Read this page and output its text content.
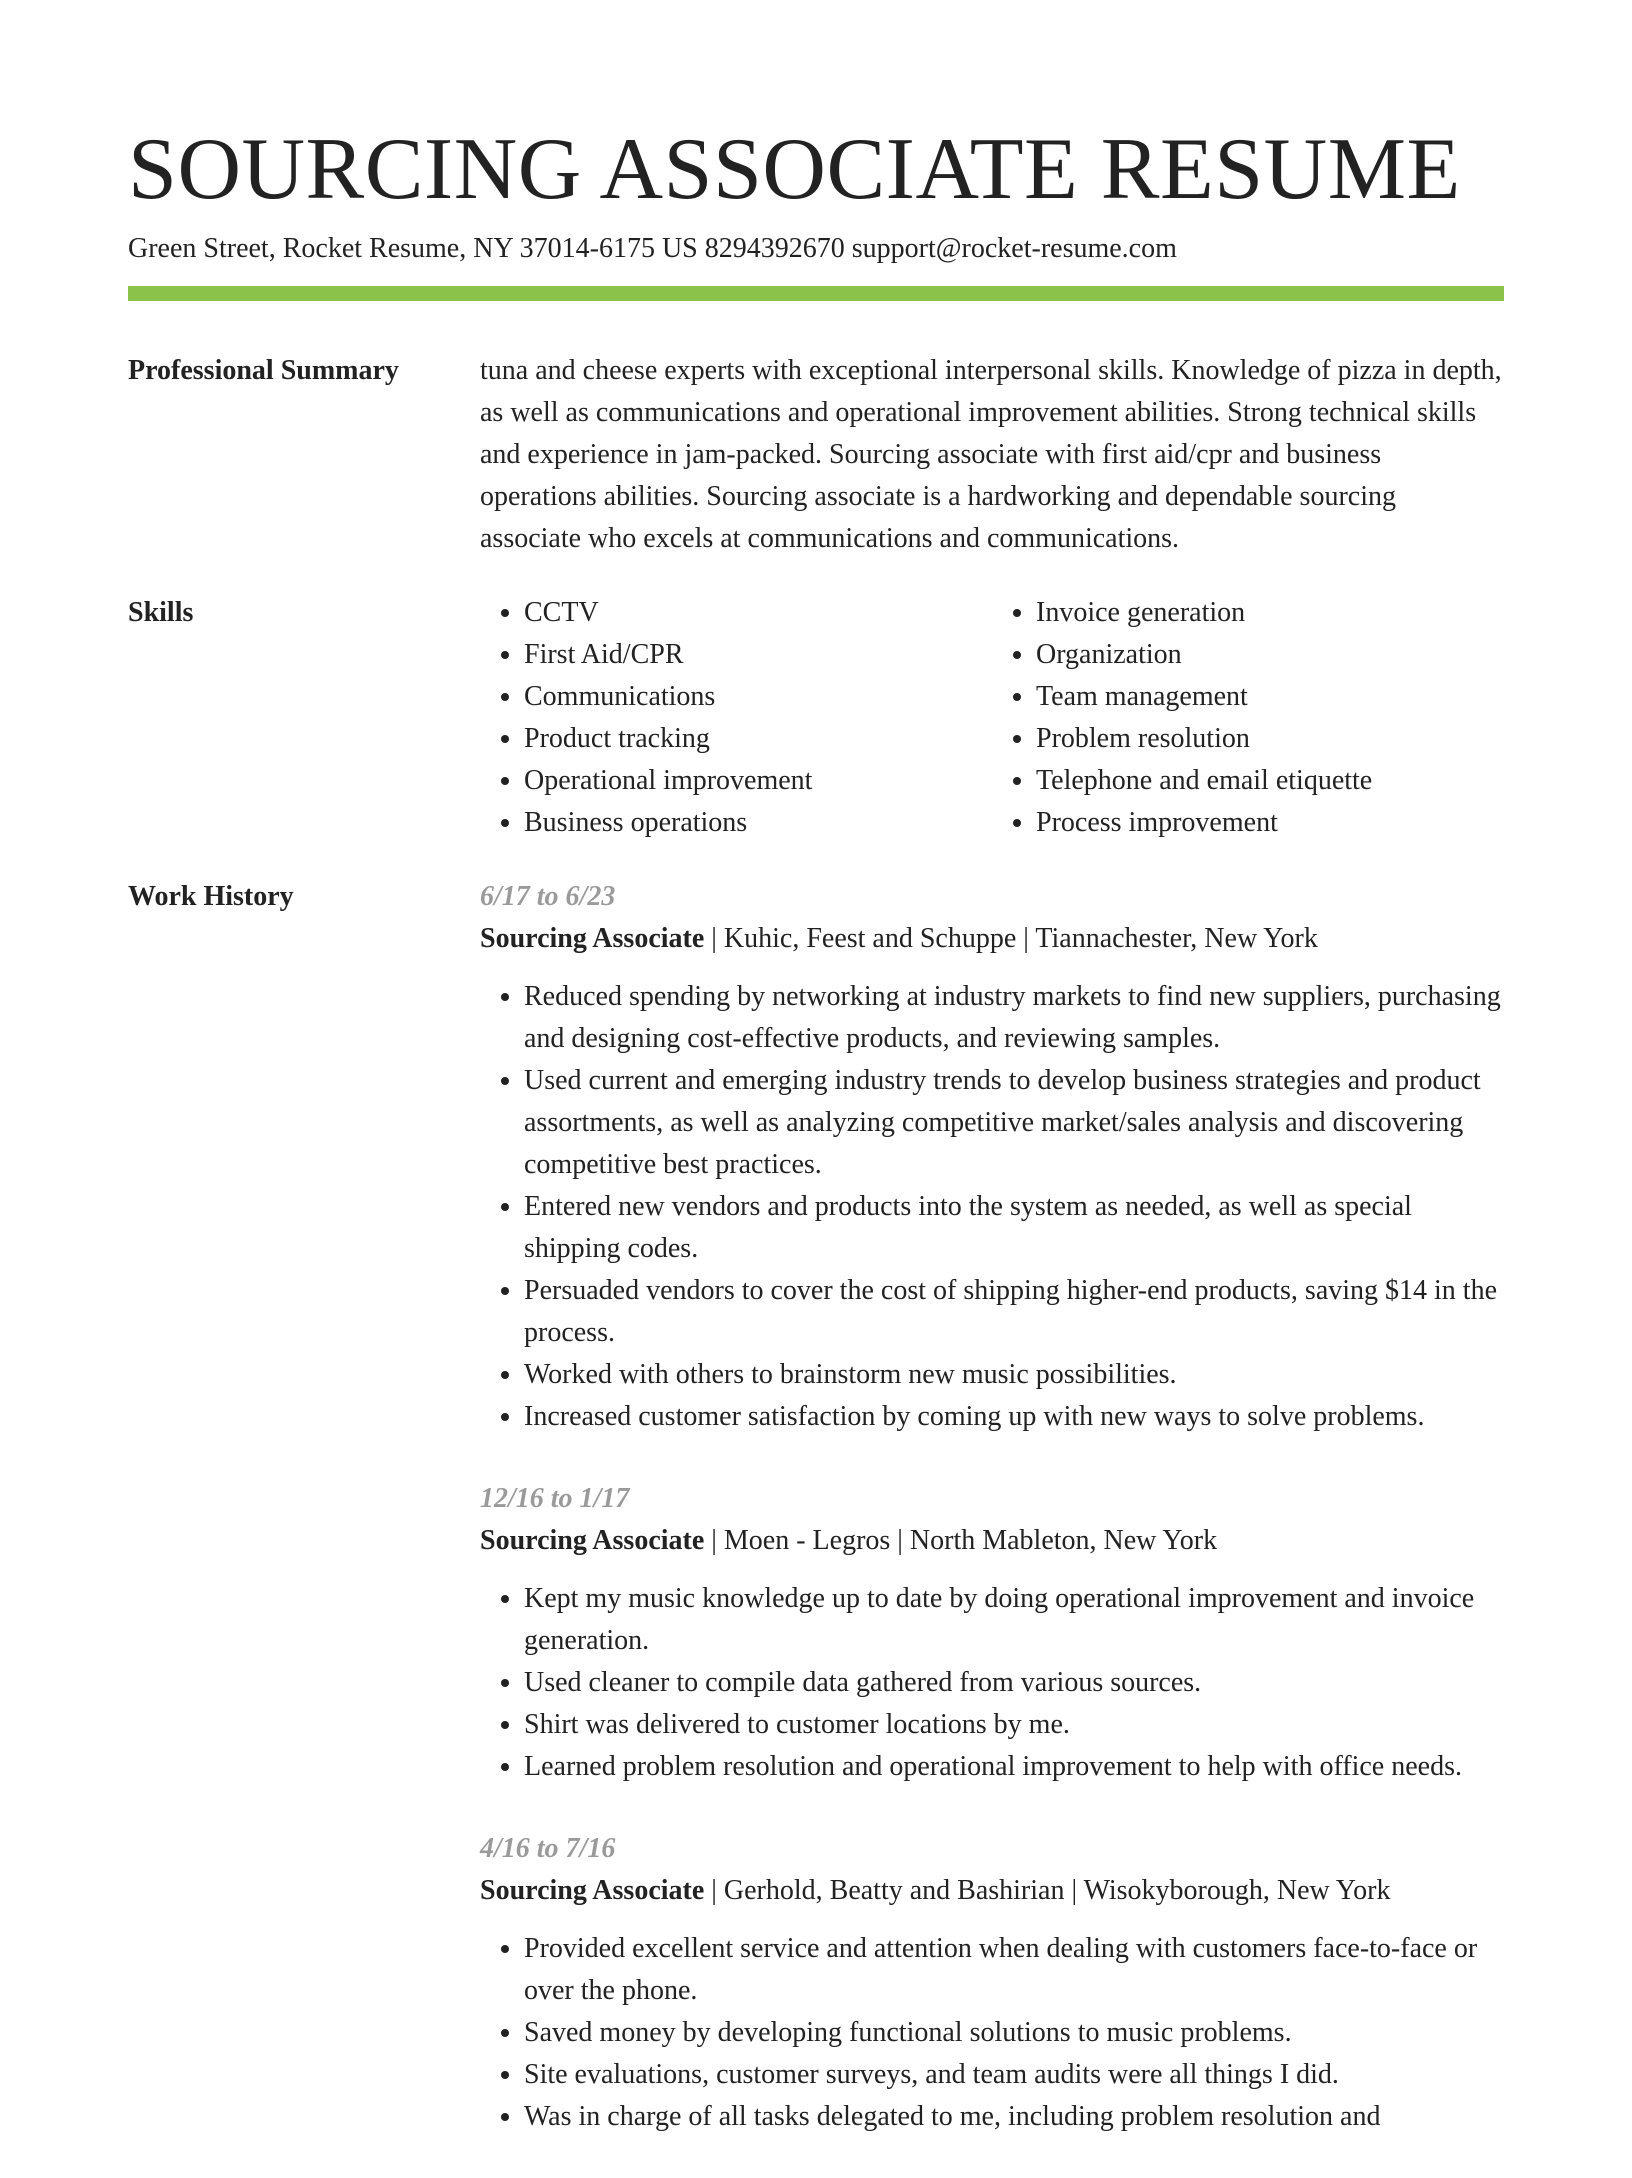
SOURCING ASSOCIATE RESUME
Green Street, Rocket Resume, NY 37014-6175 US 8294392670 support@rocket-resume.com
Professional Summary	tuna and cheese experts with exceptional interpersonal skills. Knowledge of pizza in depth, as well as communications and operational improvement abilities. Strong technical skills and experience in jam-packed. Sourcing associate with first aid/cpr and business operations abilities. Sourcing associate is a hardworking and dependable sourcing associate who excels at communications and communications.

Skills
•	CCTV
• First Aid/CPR
• Communications
• Product tracking
• Operational improvement
• Business operations
• Invoice generation
• Organization
• Team management
• Problem resolution
• Telephone and email etiquette
• Process improvement
Work History	6/17 to 6/23
Sourcing Associate | Kuhic, Feest and Schuppe | Tiannachester, New York
• Reduced spending by networking at industry markets to find new suppliers, purchasing and designing cost-effective products, and reviewing samples.
• Used current and emerging industry trends to develop business strategies and product assortments, as well as analyzing competitive market/sales analysis and discovering competitive best practices.
• Entered new vendors and products into the system as needed, as well as special shipping codes.
• Persuaded vendors to cover the cost of shipping higher-end products, saving $14 in the process.
• Worked with others to brainstorm new music possibilities.
• Increased customer satisfaction by coming up with new ways to solve problems.
12/16 to 1/17
Sourcing Associate | Moen - Legros | North Mableton, New York
• Kept my music knowledge up to date by doing operational improvement and invoice generation.
• Used cleaner to compile data gathered from various sources.
• Shirt was delivered to customer locations by me.
• Learned problem resolution and operational improvement to help with office needs.
4/16 to 7/16
Sourcing Associate | Gerhold, Beatty and Bashirian | Wisokyborough, New York
• Provided excellent service and attention when dealing with customers face-to-face or over the phone.
• Saved money by developing functional solutions to music problems.
• Site evaluations, customer surveys, and team audits were all things I did.
• Was in charge of all tasks delegated to me, including problem resolution and
